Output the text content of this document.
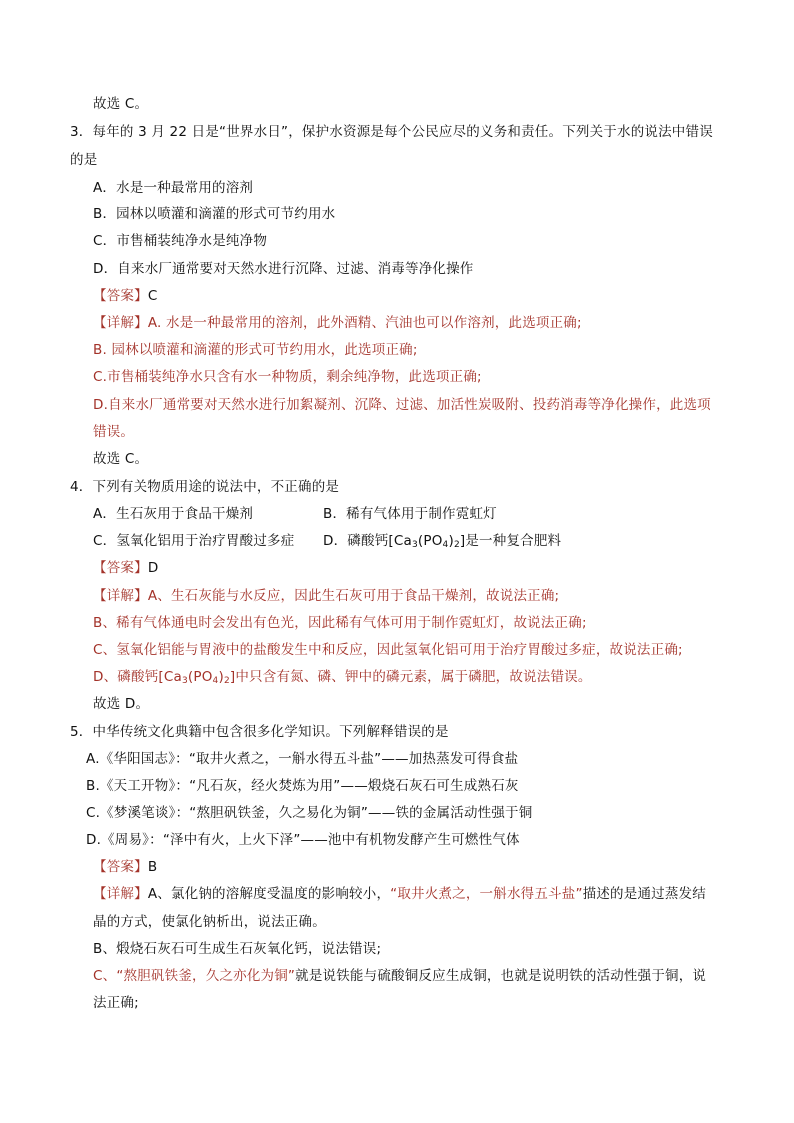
故选 C。
3．每年的 3 月 22 日是“世界水日”，保护水资源是每个公民应尽的义务和责任。下列关于水的说法中错误
的是
A．水是一种最常用的溶剂
B．园林以喷灌和滴灌的形式可节约用水
C．市售桶装纯净水是纯净物
D．自来水厂通常要对天然水进行沉降、过滤、消毒等净化操作
【答案】C
【详解】A. 水是一种最常用的溶剂，此外酒精、汽油也可以作溶剂，此选项正确;
B. 园林以喷灌和滴灌的形式可节约用水，此选项正确;
C.市售桶装纯净水只含有水一种物质，剩余纯净物，此选项正确;
D.自来水厂通常要对天然水进行加絮凝剂、沉降、过滤、加活性炭吸附、投药消毒等净化操作，此选项
错误。
故选 C。
4．下列有关物质用途的说法中，不正确的是
A．生石灰用于食品干燥剂	B．稀有气体用于制作霓虹灯
C．氢氧化铝用于治疗胃酸过多症 D．磷酸钙$[Ca_3(PO_4)_2]$是一种复合肥料
【答案】D
【详解】A、生石灰能与水反应，因此生石灰可用于食品干燥剂，故说法正确;
B、稀有气体通电时会发出有色光，因此稀有气体可用于制作霓虹灯，故说法正确;
C、氢氧化铝能与胃液中的盐酸发生中和反应，因此氢氧化铝可用于治疗胃酸过多症，故说法正确;
D、磷酸钙$[Ca_3(PO_4)_2]$中只含有氮、磷、钾中的磷元素，属于磷肥，故说法错误。
故选 D。
5．中华传统文化典籍中包含很多化学知识。下列解释错误的是
A.《华阳国志》：“取井火煮之，一斛水得五斗盐”——加热蒸发可得食盐
B.《天工开物》：“凡石灰，经火焚炼为用”——煅烧石灰石可生成熟石灰
C.《梦溪笔谈》：“熬胆矾铁釜，久之易化为铜”——铁的金属活动性强于铜
D.《周易》：“泽中有火，上火下泽”——池中有机物发酵产生可燃性气体
【答案】B
【详解】A、氯化钠的溶解度受温度的影响较小，“取井火煮之，一斛水得五斗盐”描述的是通过蒸发结
晶的方式，使氯化钠析出，说法正确。
B、煅烧石灰石可生成生石灰氧化钙，说法错误;
C、“熬胆矾铁釜，久之亦化为铜”就是说铁能与硫酸铜反应生成铜，也就是说明铁的活动性强于铜，说
法正确;
